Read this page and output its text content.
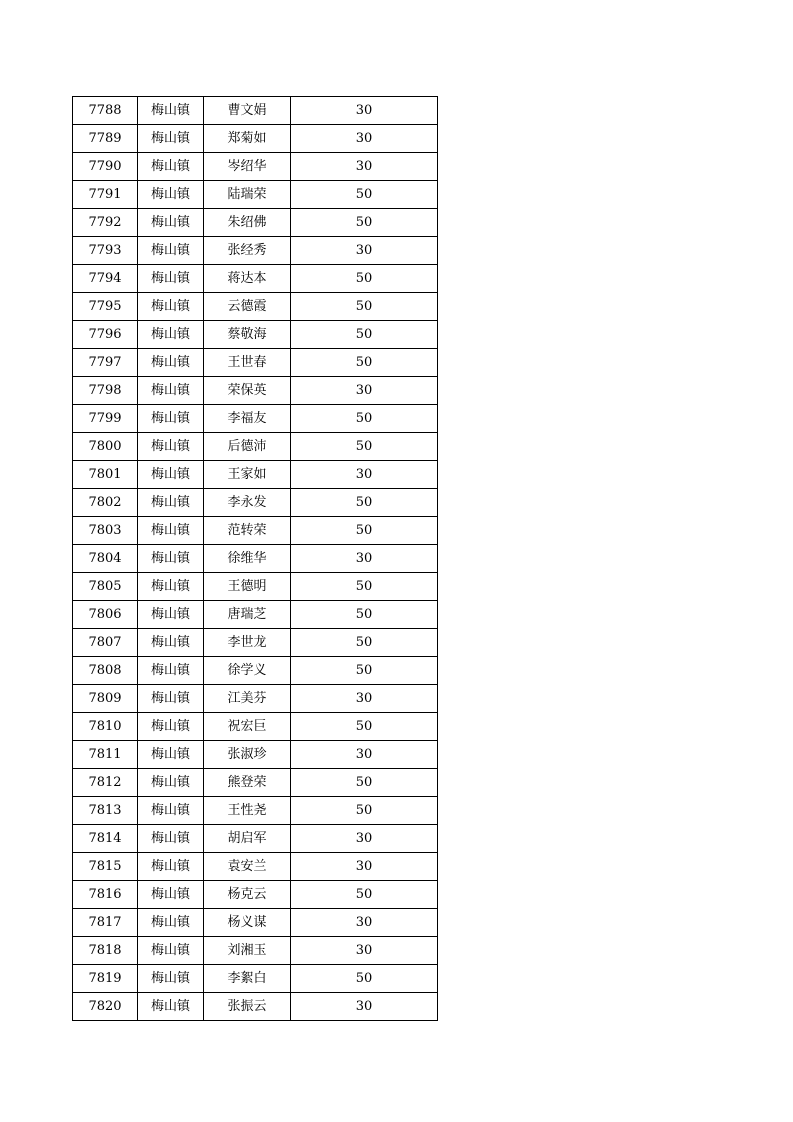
7788	梅山镇	曹文娟	30
7789	梅山镇	郑菊如	30
7790	梅山镇	岑绍华	30
7791	梅山镇	陆瑞荣	50
7792	梅山镇	朱绍佛	50
7793	梅山镇	张经秀	30
7794	梅山镇	蒋达本	50
7795	梅山镇	云德霞	50
7796	梅山镇	蔡敬海	50
7797	梅山镇	王世春	50
7798	梅山镇	荣保英	30
7799	梅山镇	李福友	50
7800	梅山镇	后德沛	50
7801	梅山镇	王家如	30
7802	梅山镇	李永发	50
7803	梅山镇	范转荣	50
7804	梅山镇	徐维华	30
7805	梅山镇	王德明	50
7806	梅山镇	唐瑞芝	50
7807	梅山镇	李世龙	50
7808	梅山镇	徐学义	50
7809	梅山镇	江美芬	30
7810	梅山镇	祝宏巨	50
7811	梅山镇	张淑珍	30
7812	梅山镇	熊登荣	50
7813	梅山镇	王性尧	50
7814	梅山镇	胡启军	30
7815	梅山镇	袁安兰	30
7816	梅山镇	杨克云	50
7817	梅山镇	杨义谋	30
7818	梅山镇	刘湘玉	30
7819	梅山镇	李絮白	50
7820	梅山镇	张振云	30
